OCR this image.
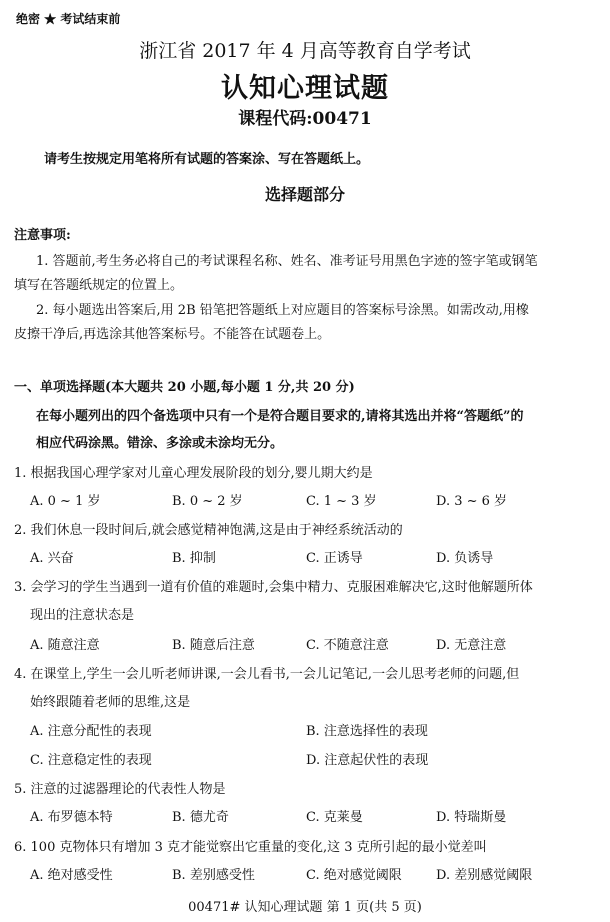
绝密 ★ 考试结束前
浙江省 2017 年 4 月高等教育自学考试
认知心理试题
课程代码:00471
请考生按规定用笔将所有试题的答案涂、写在答题纸上。
选择题部分
注意事项:
1. 答题前,考生务必将自己的考试课程名称、姓名、准考证号用黑色字迹的签字笔或钢笔
填写在答题纸规定的位置上。
2. 每小题选出答案后,用 2B 铅笔把答题纸上对应题目的答案标号涂黑。如需改动,用橡
皮擦干净后,再选涂其他答案标号。不能答在试题卷上。
一、单项选择题(本大题共 20 小题,每小题 1 分,共 20 分)
在每小题列出的四个备选项中只有一个是符合题目要求的,请将其选出并将“答题纸”的
相应代码涂黑。错涂、多涂或未涂均无分。
1. 根据我国心理学家对儿童心理发展阶段的划分,婴儿期大约是
A. 0 ~ 1 岁	B. 0 ~ 2 岁	C. 1 ~ 3 岁	D. 3 ~ 6 岁
2. 我们休息一段时间后,就会感觉精神饱满,这是由于神经系统活动的
A. 兴奋	B. 抑制	C. 正诱导	D. 负诱导
3. 会学习的学生当遇到一道有价值的难题时,会集中精力、克服困难解决它,这时他解题所体
现出的注意状态是
A. 随意注意	B. 随意后注意	C. 不随意注意	D. 无意注意
4. 在课堂上,学生一会儿听老师讲课,一会儿看书,一会儿记笔记,一会儿思考老师的问题,但
始终跟随着老师的思维,这是
A. 注意分配性的表现	B. 注意选择性的表现
C. 注意稳定性的表现	D. 注意起伏性的表现
5. 注意的过滤器理论的代表性人物是
A. 布罗德本特	B. 德尤奇	C. 克莱曼	D. 特瑞斯曼
6. 100 克物体只有增加 3 克才能觉察出它重量的变化,这 3 克所引起的最小觉差叫
A. 绝对感受性	B. 差别感受性	C. 绝对感觉阈限	D. 差别感觉阈限
00471# 认知心理试题 第 1 页(共 5 页)
